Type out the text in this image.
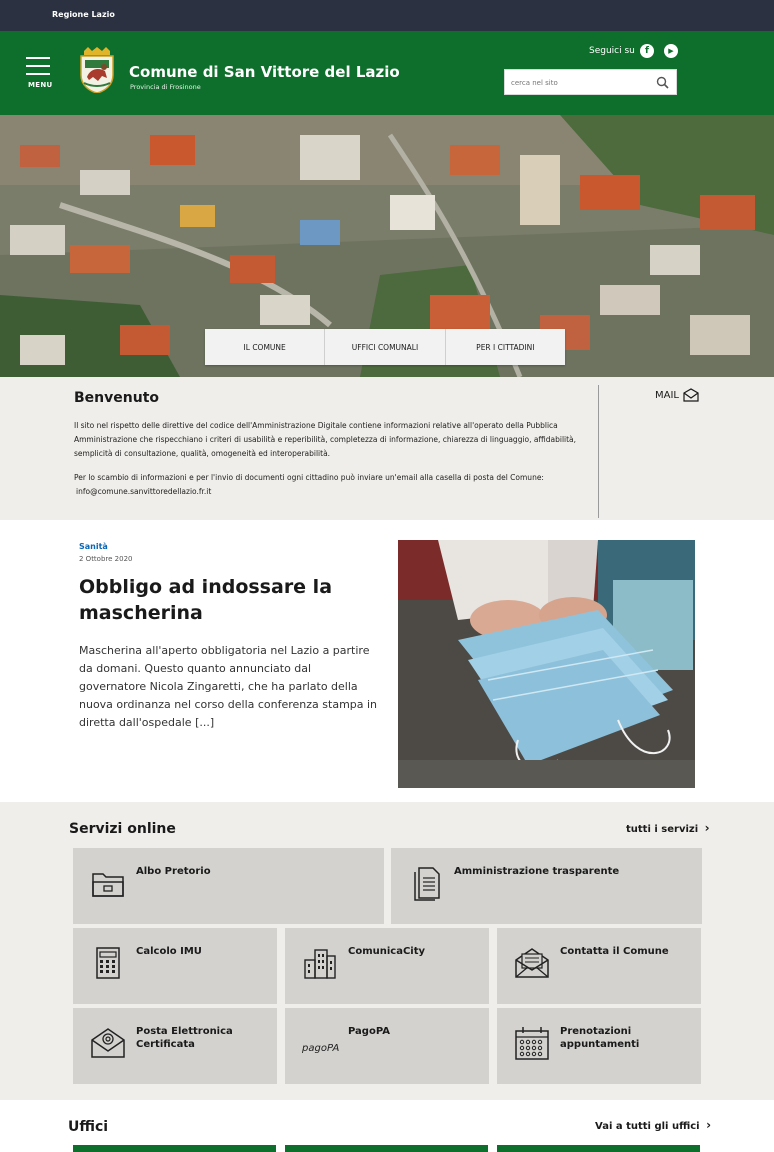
Regione Lazio
MENU
Comune di San Vittore del Lazio
Provincia di Frosinone
Seguici su	f	▶
cerca nel sito
IL COMUNE	UFFICI COMUNALI	PER I CITTADINI
Benvenuto

Il sito nel rispetto delle direttive del codice dell'Amministrazione Digitale contiene informazioni relative all'operato della Pubblica Amministrazione che rispecchiano i criteri di usabilità e reperibilità, completezza di informazione, chiarezza di linguaggio, affidabilità, semplicità di consultazione, qualità, omogeneità ed interoperabilità.

Per lo scambio di informazioni e per l'invio di documenti ogni cittadino può inviare un'email alla casella di posta del Comune:

info@comune.sanvittoredellazio.fr.it
MAIL
Sanità
2 Ottobre 2020
Obbligo ad indossare la mascherina

Mascherina all'aperto obbligatoria nel Lazio a partire da domani. Questo quanto annunciato dal governatore Nicola Zingaretti, che ha parlato della nuova ordinanza nel corso della conferenza stampa in diretta dall'ospedale [...]

Servizi online	tutti i servizi ›
Albo Pretorio	Amministrazione trasparente
Calcolo IMU	ComunicaCity	Contatta il Comune
Posta Elettronica Certificata	pagoPA
PagoPA	Prenotazioni appuntamenti
Uffici	Vai a tutti gli uffici ›
